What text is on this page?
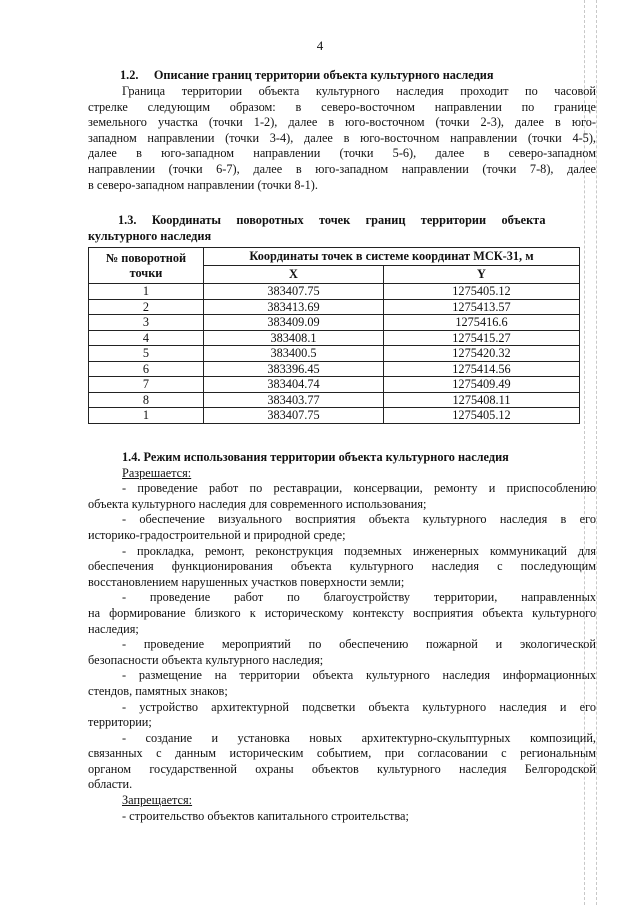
4
1.2. Описание границ территории объекта культурного наследия
Граница территории объекта культурного наследия проходит по часовой
стрелке следующим образом: в северо-восточном направлении по границе
земельного участка (точки 1-2), далее в юго-восточном (точки 2-3), далее в юго-
западном направлении (точки 3-4), далее в юго-восточном направлении (точки 4-5),
далее в юго-западном направлении (точки 5-6), далее в северо-западном
направлении (точки 6-7), далее в юго-западном направлении (точки 7-8), далее
в северо-западном направлении (точки 8-1).
1.3.     Координаты     поворотных     точек     границ     территории     объекта
культурного наследия
№ поворотной точки	Координаты точек в системе координат МСК-31, м	
	X	Y
1	383407.75	1275405.12
2	383413.69	1275413.57
3	383409.09	1275416.6
4	383408.1	1275415.27
5	383400.5	1275420.32
6	383396.45	1275414.56
7	383404.74	1275409.49
8	383403.77	1275408.11
1	383407.75	1275405.12
1.4. Режим использования территории объекта культурного наследия
Разрешается:
- проведение работ по реставрации, консервации, ремонту и приспособлению
объекта культурного наследия для современного использования;
- обеспечение визуального восприятия объекта культурного наследия в его
историко-градостроительной и природной среде;
- прокладка, ремонт, реконструкция подземных инженерных коммуникаций для
обеспечения функционирования объекта культурного наследия с последующим
восстановлением нарушенных участков поверхности земли;
- проведение работ по благоустройству территории, направленных
на формирование близкого к историческому контексту восприятия объекта культурного
наследия;
- проведение мероприятий по обеспечению пожарной и экологической
безопасности объекта культурного наследия;
- размещение на территории объекта культурного наследия информационных
стендов, памятных знаков;
- устройство архитектурной подсветки объекта культурного наследия и его
территории;
- создание и установка новых архитектурно-скульптурных композиций,
связанных с данным историческим событием, при согласовании с региональным
органом государственной охраны объектов культурного наследия Белгородской
области.
Запрещается:
- строительство объектов капитального строительства;
